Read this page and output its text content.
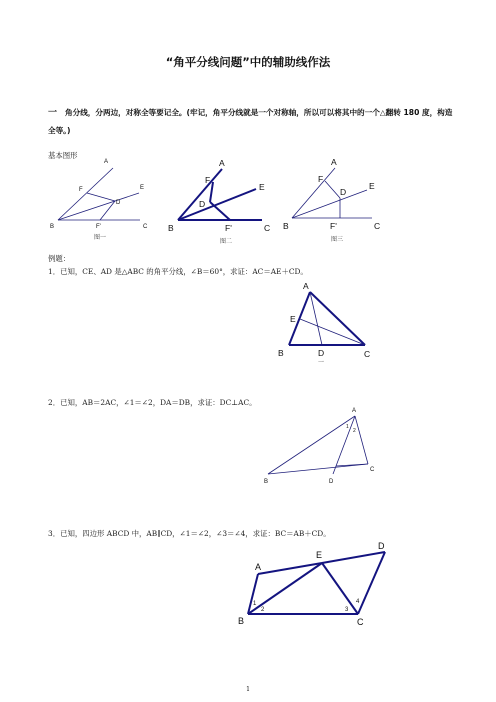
“角平分线问题”中的辅助线作法
一 角分线，分两边，对称全等要记全。(牢记，角平分线就是一个对称轴，所以可以将其中的一个△翻转 180 度，构造全等。)
基本图形
A
F	E
D
B	F'	C
图一
A
F
E
D
B	F'	C
图二
A
F
E
D
B	F'	C
图三
A
E
B	D	C
一
A
1
2
B	D
C
A
E
D
B	C
1
2	3
4
例题：
1．已知，CE、AD 是△ABC 的角平分线，∠B＝60°，求证：AC＝AE＋CD。
2．已知，AB＝2AC，∠1＝∠2，DA＝DB，求证：DC⊥AC。
3．已知，四边形 ABCD 中，AB∥CD，∠1＝∠2，∠3＝∠4，求证：BC＝AB＋CD。
1
